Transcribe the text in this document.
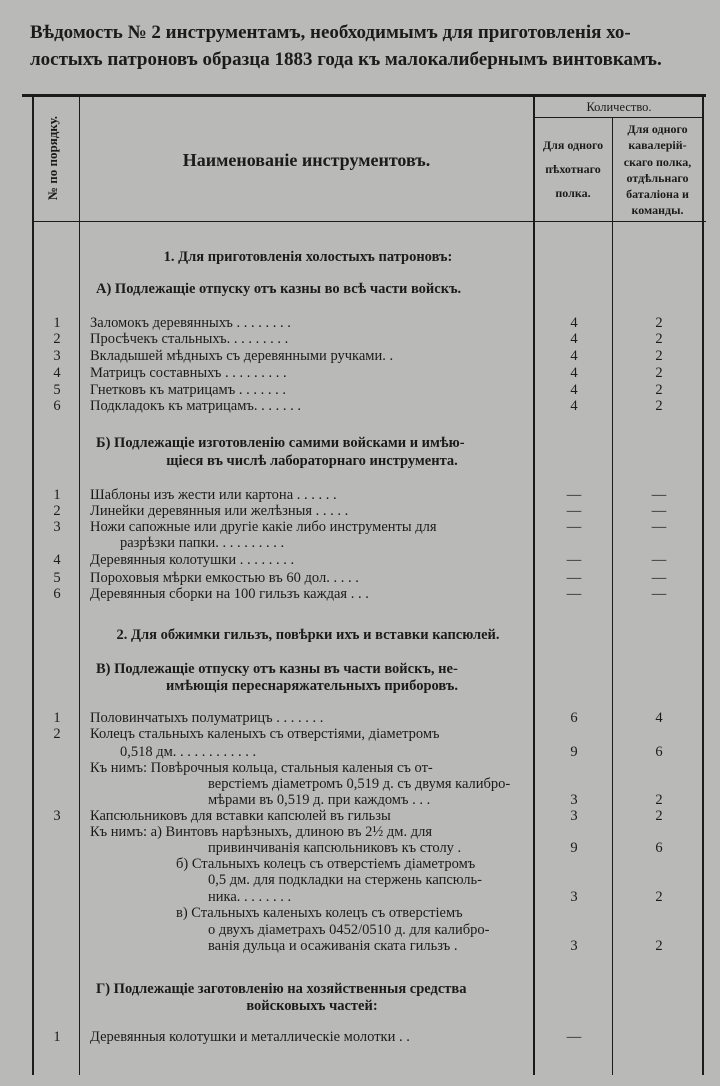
Вѣдомость № 2 инструментамъ, необходимымъ для приготовленія хо-
лостыхъ патроновъ образца 1883 года къ малокалибернымъ винтовкамъ.
№ по порядку.	Наименованіе инструментовъ.
Количество.
Для одного
пѣхотнаго
полка.
Для одного
кавалерій-
скаго полка,
отдѣльнаго
баталіона и
команды.
1. Для приготовленія холостыхъ патроновъ:
А) Подлежащіе отпуску отъ казны во всѣ части войскъ.
1	Заломокъ деревянныхъ . . . . . . . .	4	2
2	Просѣчекъ стальныхъ. . . . . . . . .	4	2
3	Вкладышей мѣдныхъ съ деревянными ручками. .	4	2
4	Матрицъ составныхъ . . . . . . . . .	4	2
5	Гнетковъ къ матрицамъ . . . . . . .	4	2
6	Подкладокъ къ матрицамъ. . . . . . .	4	2
Б) Подлежащіе изготовленію самими войсками и имѣю-
щіеся въ числѣ лабораторнаго инструмента.
1	Шаблоны изъ жести или картона . . . . . .	—	—
2	Линейки деревянныя или желѣзныя . . . . .	—	—
3	Ножи сапожные или другіе какіе либо инструменты для	—	—
разрѣзки папки. . . . . . . . . .
4	Деревянныя колотушки . . . . . . . .	—	—
5	Пороховыя мѣрки емкостью въ 60 дол. . . . .	—	—
6	Деревянныя сборки на 100 гильзъ каждая . . .	—	—
2. Для обжимки гильзъ, повѣрки ихъ и вставки капсюлей.
В) Подлежащіе отпуску отъ казны въ части войскъ, не-
имѣющія переснаряжательныхъ приборовъ.
1	Половинчатыхъ полуматрицъ . . . . . . .	6	4
2	Колецъ стальныхъ каленыхъ съ отверстіями, діаметромъ
0,518 дм. . . . . . . . . . . .	9	6
Къ нимъ: Повѣрочныя кольца, стальныя каленыя съ от-
верстіемъ діаметромъ 0,519 д. съ двумя калибро-
мѣрами въ 0,519 д. при каждомъ . . .	3	2
3	Капсюльниковъ для вставки капсюлей въ гильзы	3	2
Къ нимъ: а) Винтовъ нарѣзныхъ, длиною въ 2½ дм. для
привинчиванія капсюльниковъ къ столу .	9	6
б) Стальныхъ колецъ съ отверстіемъ діаметромъ
0,5 дм. для подкладки на стержень капсюль-
ника. . . . . . . .	3	2
в) Стальныхъ каленыхъ колецъ съ отверстіемъ
о двухъ діаметрахъ 0452/0510 д. для калибро-
ванія дульца и осаживанія ската гильзъ .	3	2
Г) Подлежащіе заготовленію на хозяйственныя средства
войсковыхъ частей:
1	Деревянныя колотушки и металлическіе молотки . .	—
